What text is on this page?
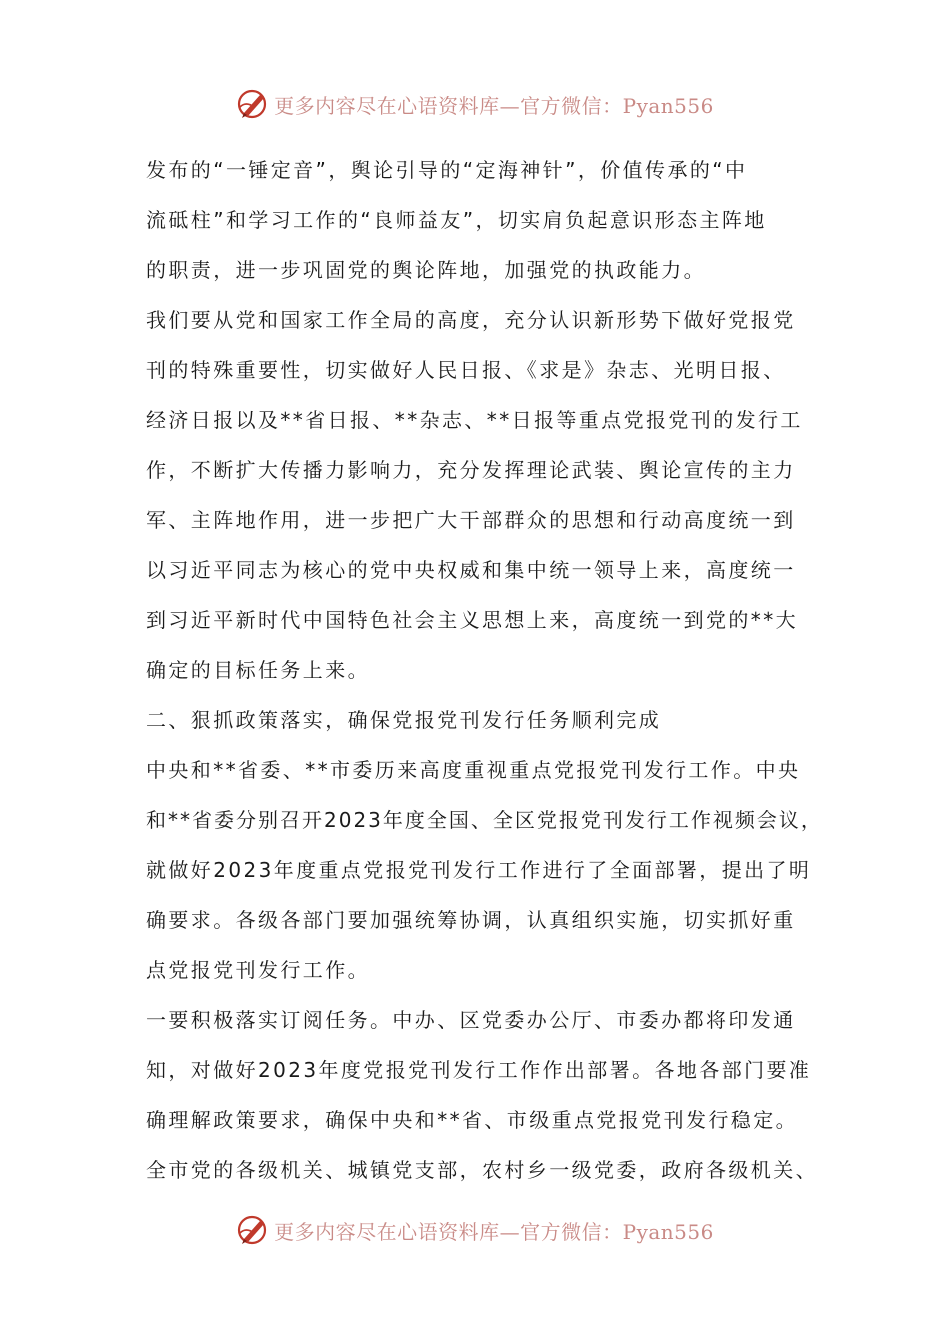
更多内容尽在心语资料库—官方微信：Pyan556
发布的“一锤定音”，舆论引导的“定海神针”，价值传承的“中
流砥柱”和学习工作的“良师益友”，切实肩负起意识形态主阵地
的职责，进一步巩固党的舆论阵地，加强党的执政能力。
我们要从党和国家工作全局的高度，充分认识新形势下做好党报党
刊的特殊重要性，切实做好人民日报、《求是》杂志、光明日报、
经济日报以及**省日报、**杂志、**日报等重点党报党刊的发行工
作，不断扩大传播力影响力，充分发挥理论武装、舆论宣传的主力
军、主阵地作用，进一步把广大干部群众的思想和行动高度统一到
以习近平同志为核心的党中央权威和集中统一领导上来，高度统一
到习近平新时代中国特色社会主义思想上来，高度统一到党的**大
确定的目标任务上来。
二、狠抓政策落实，确保党报党刊发行任务顺利完成
中央和**省委、**市委历来高度重视重点党报党刊发行工作。中央
和**省委分别召开2023年度全国、全区党报党刊发行工作视频会议，
就做好2023年度重点党报党刊发行工作进行了全面部署，提出了明
确要求。各级各部门要加强统筹协调，认真组织实施，切实抓好重
点党报党刊发行工作。
一要积极落实订阅任务。中办、区党委办公厅、市委办都将印发通
知，对做好2023年度党报党刊发行工作作出部署。各地各部门要准
确理解政策要求，确保中央和**省、市级重点党报党刊发行稳定。
全市党的各级机关、城镇党支部，农村乡一级党委，政府各级机关、
更多内容尽在心语资料库—官方微信：Pyan556
